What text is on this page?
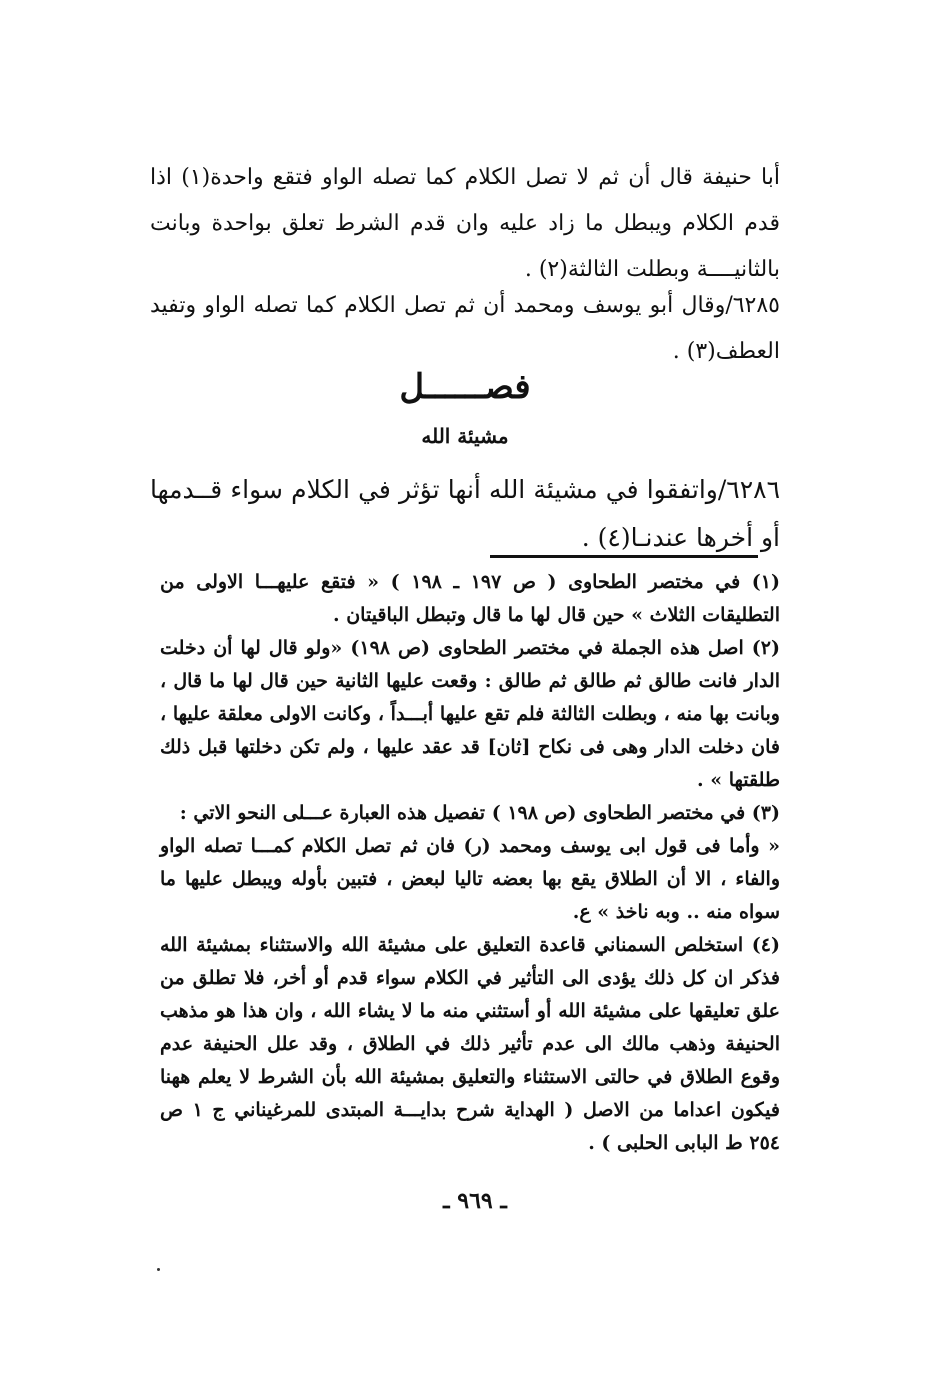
أبا حنيفة قال أن ثم لا تصل الكلام كما تصله الواو فتقع واحدة(١) اذا قدم الكلام ويبطل ما زاد عليه وان قدم الشرط تعلق بواحدة وبانت بالثانيــــة وبطلت الثالثة(٢) .

٦٢٨٥/وقال أبو يوسف ومحمد أن ثم تصل الكلام كما تصله الواو وتفيد العطف(٣) .

فصــــــل
مشيئة الله

٦٢٨٦/واتفقوا في مشيئة الله أنها تؤثر في الكلام سواء قــدمها أو أخرها عندنـا(٤) .

(١) في مختصر الطحاوى ( ص ١٩٧ ـ ١٩٨ ) « فتقع عليهـــا الاولى من التطليقات الثلاث » حين قال لها ما قال وتبطل الباقيتان .

(٢) اصل هذه الجملة في مختصر الطحاوى (ص ١٩٨) «ولو قال لها أن دخلت الدار فانت طالق ثم طالق ثم طالق : وقعت عليها الثانية حين قال لها ما قال ، وبانت بها منه ، وبطلت الثالثة فلم تقع عليها أبـــداً ، وكانت الاولى معلقة عليها ، فان دخلت الدار وهى فى نكاح [ثان] قد عقد عليها ، ولم تكن دخلتها قبل ذلك طلقتها » .

(٣) في مختصر الطحاوى (ص ١٩٨ ) تفصيل هذه العبارة عـــلى النحو الاتي :

« وأما فى قول ابى يوسف ومحمد (ر) فان ثم تصل الكلام كمـــا تصله الواو والفاء ، الا أن الطلاق يقع بها بعضه تاليا لبعض ، فتبين بأوله ويبطل عليها ما سواه منه .. وبه ناخذ » ع.

(٤) استخلص السمناني قاعدة التعليق على مشيئة الله والاستثناء بمشيئة الله فذكر ان كل ذلك يؤدى الى التأثير في الكلام سواء قدم أو أخر، فلا تطلق من علق تعليقها على مشيئة الله أو أستثني منه ما لا يشاء الله ، وان هذا هو مذهب الحنيفة وذهب مالك الى عدم تأثير ذلك في الطلاق ، وقد علل الحنيفة عدم وقوع الطلاق في حالتى الاستثناء والتعليق بمشيئة الله بأن الشرط لا يعلم ههنا فيكون اعداما من الاصل ( الهداية شرح بدايـــة المبتدى للمرغيناني ج ١ ص ٢٥٤ ط البابى الحلبى ) .

ـ ٩٦٩ ـ
